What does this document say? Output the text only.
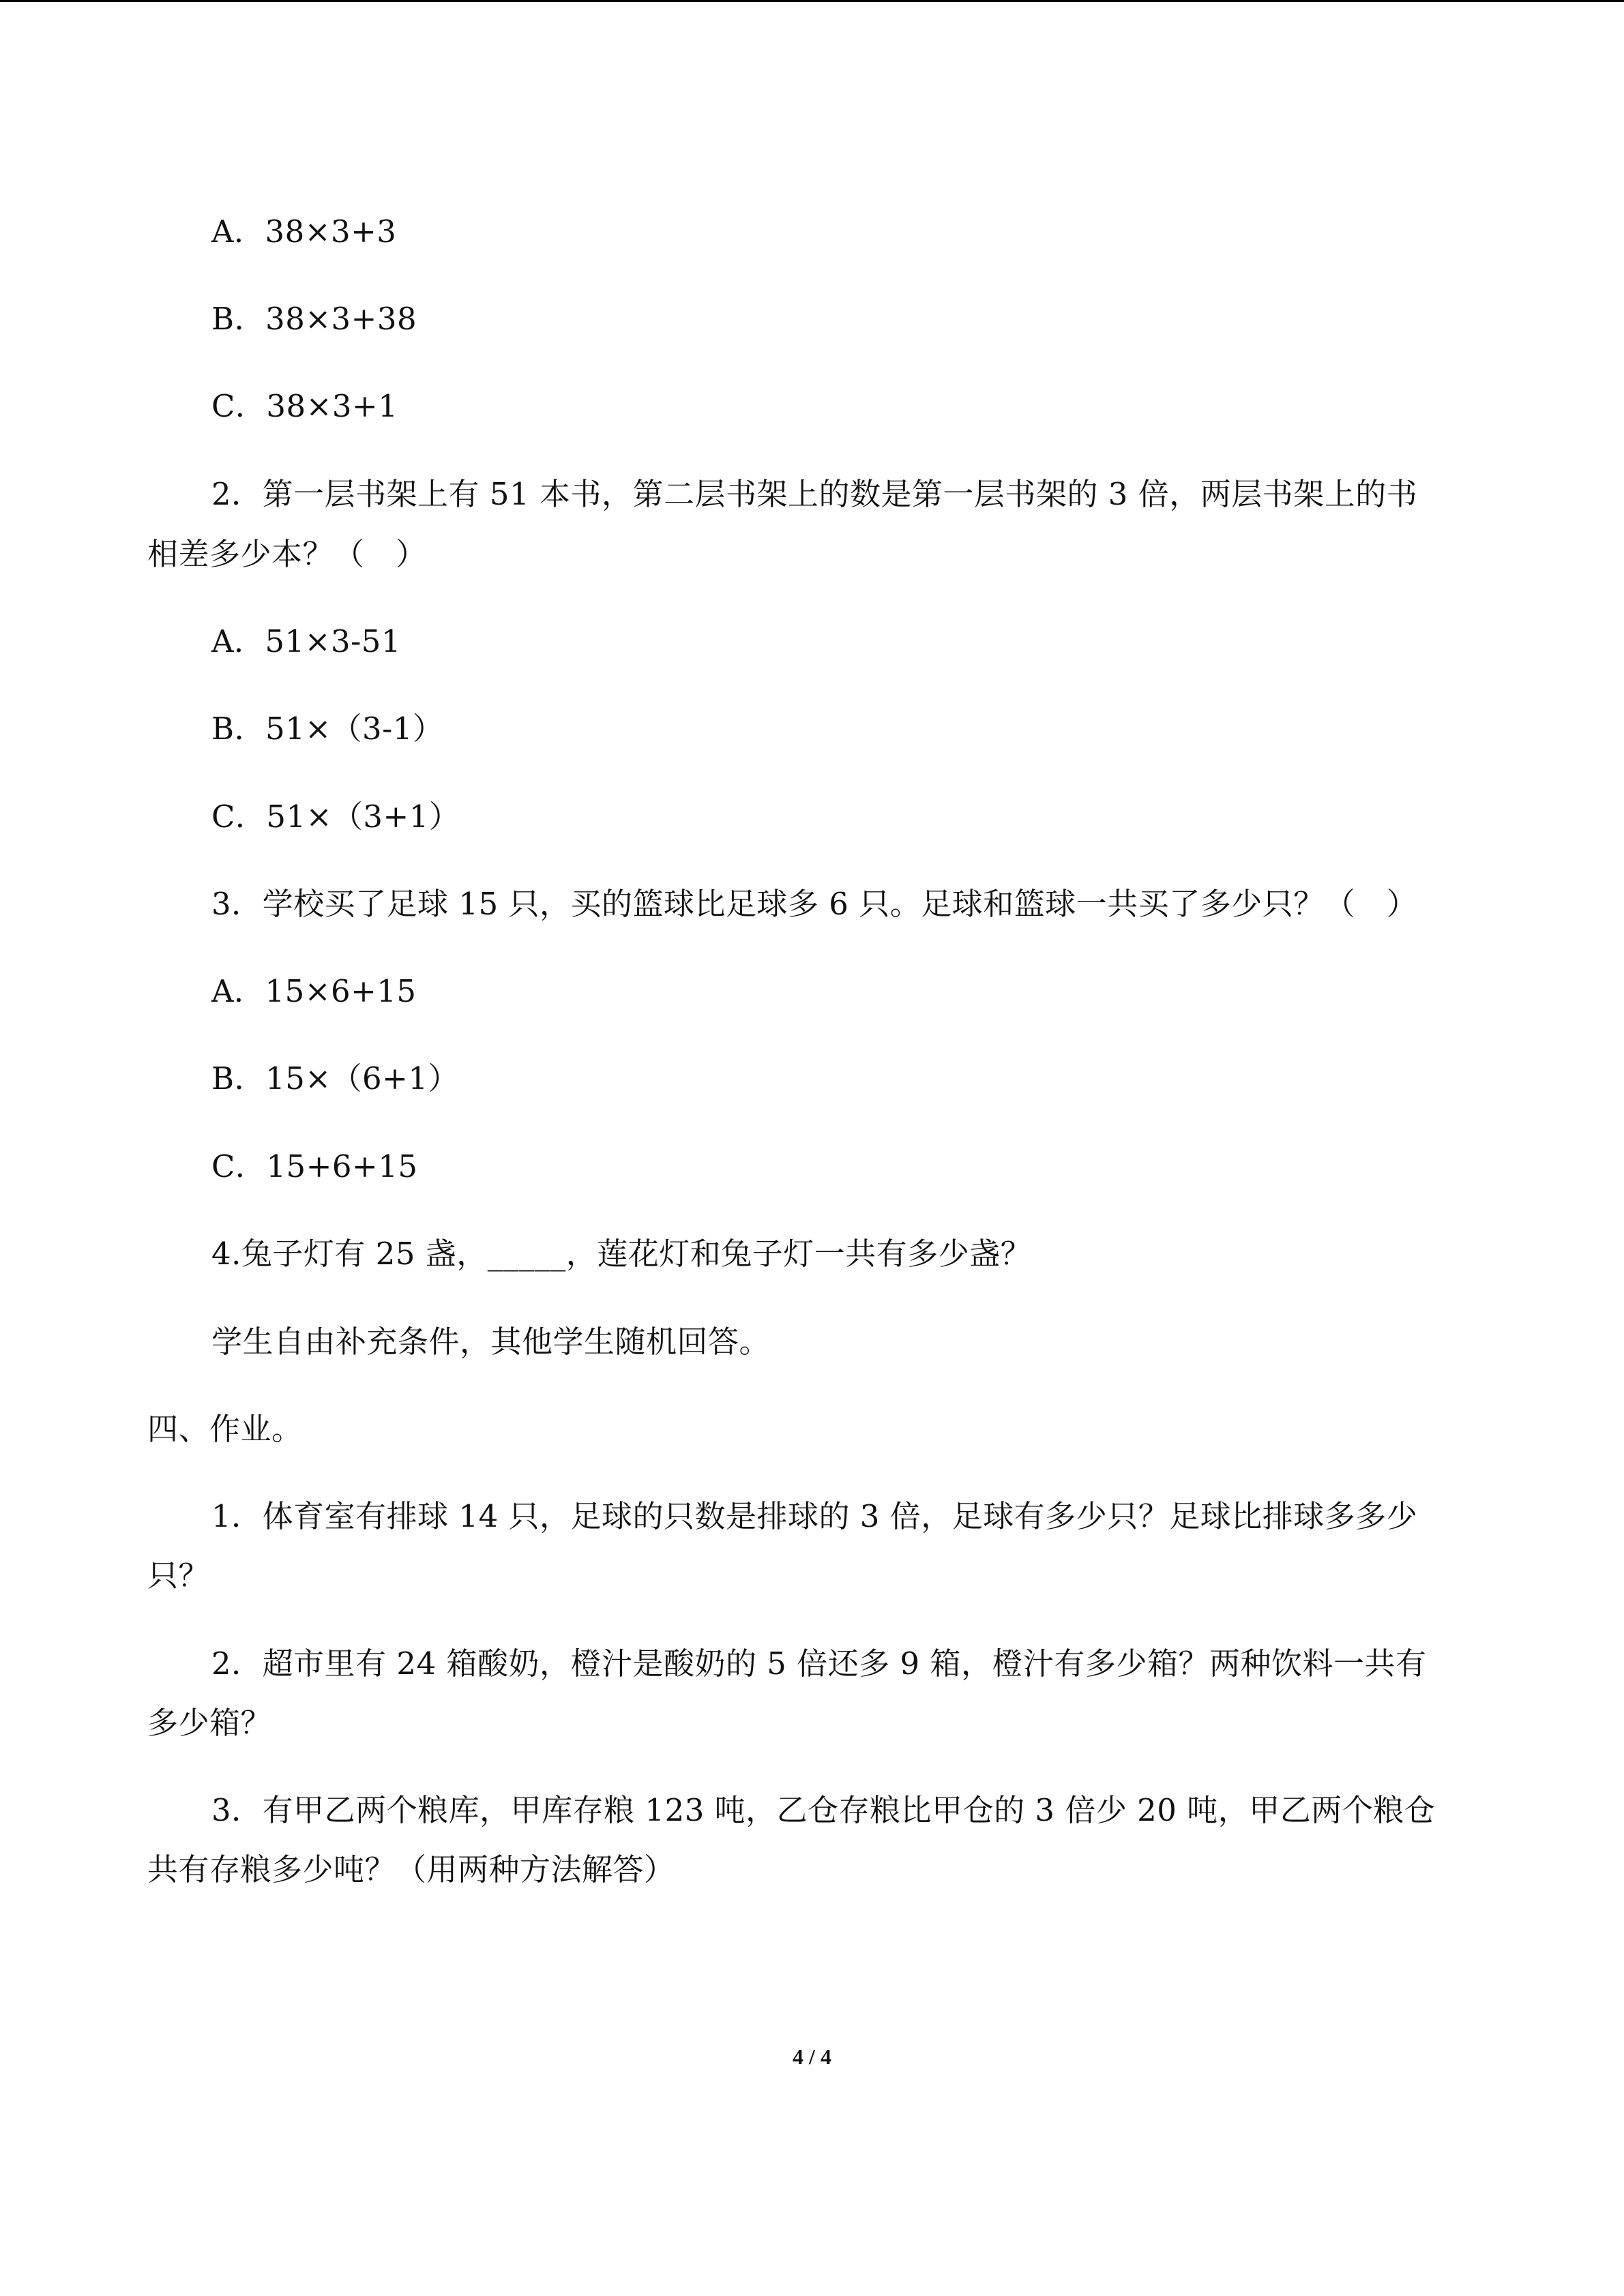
A．38×3+3
B．38×3+38
C．38×3+1
2．第一层书架上有 51 本书，第二层书架上的数是第一层书架的 3 倍，两层书架上的书
相差多少本？（　）
A．51×3-51
B．51×（3-1）
C．51×（3+1）
3．学校买了足球 15 只，买的篮球比足球多 6 只。足球和篮球一共买了多少只？（　）
A．15×6+15
B．15×（6+1）
C．15+6+15
4.兔子灯有 25 盏，_____，莲花灯和兔子灯一共有多少盏？
学生自由补充条件，其他学生随机回答。
四、作业。
1．体育室有排球 14 只，足球的只数是排球的 3 倍，足球有多少只？足球比排球多多少
只？
2．超市里有 24 箱酸奶，橙汁是酸奶的 5 倍还多 9 箱，橙汁有多少箱？两种饮料一共有
多少箱？
3．有甲乙两个粮库，甲库存粮 123 吨，乙仓存粮比甲仓的 3 倍少 20 吨，甲乙两个粮仓
共有存粮多少吨？（用两种方法解答）
4 / 4
